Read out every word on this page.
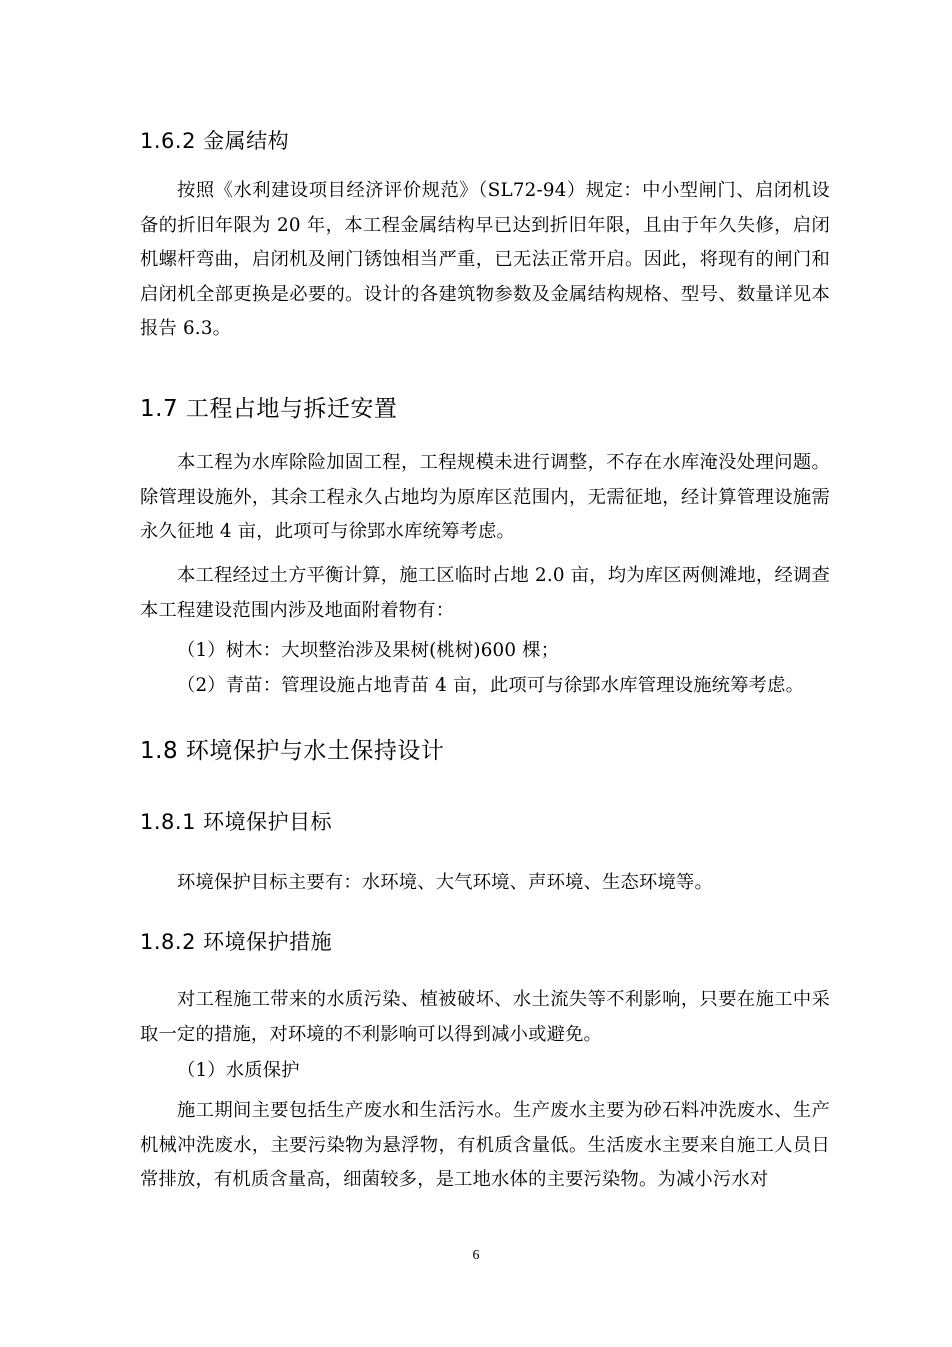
1.6.2 金属结构
按照《水利建设项目经济评价规范》（SL72-94）规定：中小型闸门、启闭机设备的折旧年限为 20 年，本工程金属结构早已达到折旧年限，且由于年久失修，启闭机螺杆弯曲，启闭机及闸门锈蚀相当严重，已无法正常开启。因此，将现有的闸门和启闭机全部更换是必要的。设计的各建筑物参数及金属结构规格、型号、数量详见本报告 6.3。
1.7 工程占地与拆迁安置
本工程为水库除险加固工程，工程规模未进行调整，不存在水库淹没处理问题。除管理设施外，其余工程永久占地均为原库区范围内，无需征地，经计算管理设施需永久征地 4 亩，此项可与徐郢水库统筹考虑。
本工程经过土方平衡计算，施工区临时占地 2.0 亩，均为库区两侧滩地，经调查本工程建设范围内涉及地面附着物有：
（1）树木：大坝整治涉及果树(桃树)600 棵；
（2）青苗：管理设施占地青苗 4 亩，此项可与徐郢水库管理设施统筹考虑。
1.8 环境保护与水土保持设计
1.8.1 环境保护目标
环境保护目标主要有：水环境、大气环境、声环境、生态环境等。
1.8.2 环境保护措施
对工程施工带来的水质污染、植被破坏、水土流失等不利影响，只要在施工中采取一定的措施，对环境的不利影响可以得到减小或避免。
（1）水质保护
施工期间主要包括生产废水和生活污水。生产废水主要为砂石料冲洗废水、生产机械冲洗废水，主要污染物为悬浮物，有机质含量低。生活废水主要来自施工人员日常排放，有机质含量高，细菌较多，是工地水体的主要污染物。为减小污水对
6
